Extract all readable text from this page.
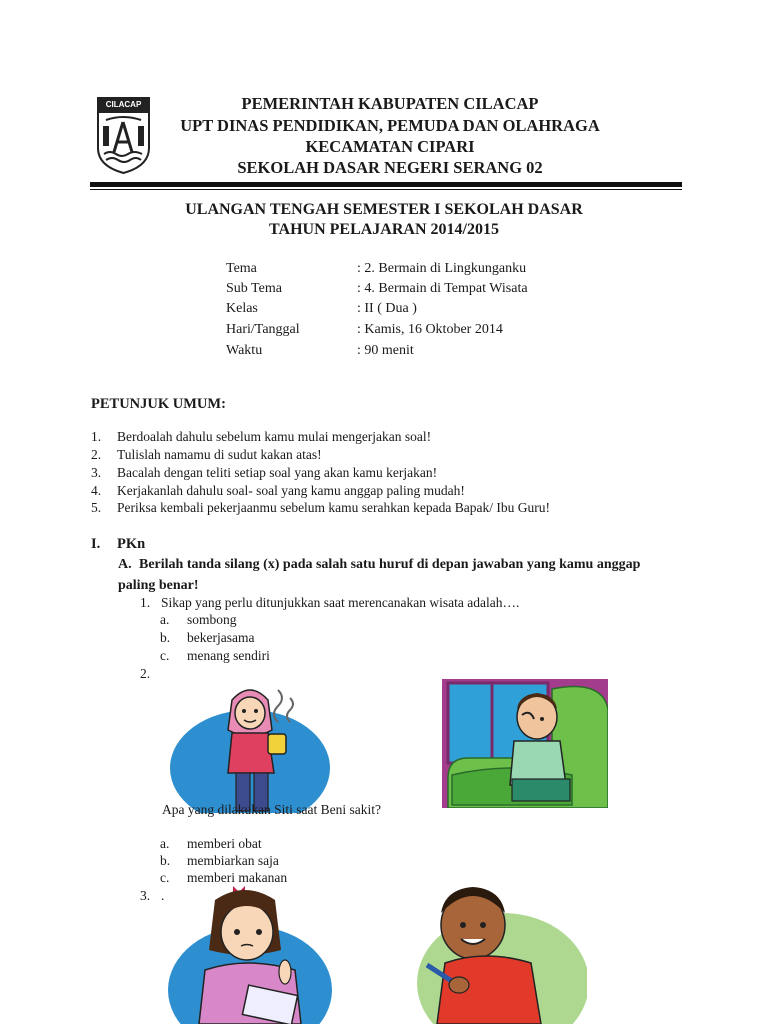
CILACAP	PEMERINTAH KABUPATEN CILACAP
UPT DINAS PENDIDIKAN, PEMUDA DAN OLAHRAGA
KECAMATAN CIPARI
SEKOLAH DASAR NEGERI SERANG 02
ULANGAN TENGAH SEMESTER I SEKOLAH DASAR
TAHUN PELAJARAN 2014/2015
Tema	: 2. Bermain di Lingkunganku
Sub Tema	: 4. Bermain di Tempat Wisata
Kelas	: II ( Dua )
Hari/Tanggal	: Kamis, 16 Oktober 2014
Waktu	: 90 menit
PETUNJUK UMUM:
1. Berdoalah dahulu sebelum kamu mulai mengerjakan soal!
2. Tulislah namamu di sudut kakan atas!
3. Bacalah dengan teliti setiap soal yang akan kamu kerjakan!
4. Kerjakanlah dahulu soal- soal yang kamu anggap paling mudah!
5. Periksa kembali pekerjaanmu sebelum kamu serahkan kepada Bapak/ Ibu Guru!
I. PKn
A. Berilah tanda silang (x) pada salah satu huruf di depan jawaban yang kamu anggap paling benar!
1. Sikap yang perlu ditunjukkan saat merencanakan wisata adalah….
a. sombong
b. bekerjasama
c. menang sendiri
2.
Apa yang dilakukan Siti saat Beni sakit?
a. memberi obat
b. membiarkan saja
c. memberi makanan
3. .
